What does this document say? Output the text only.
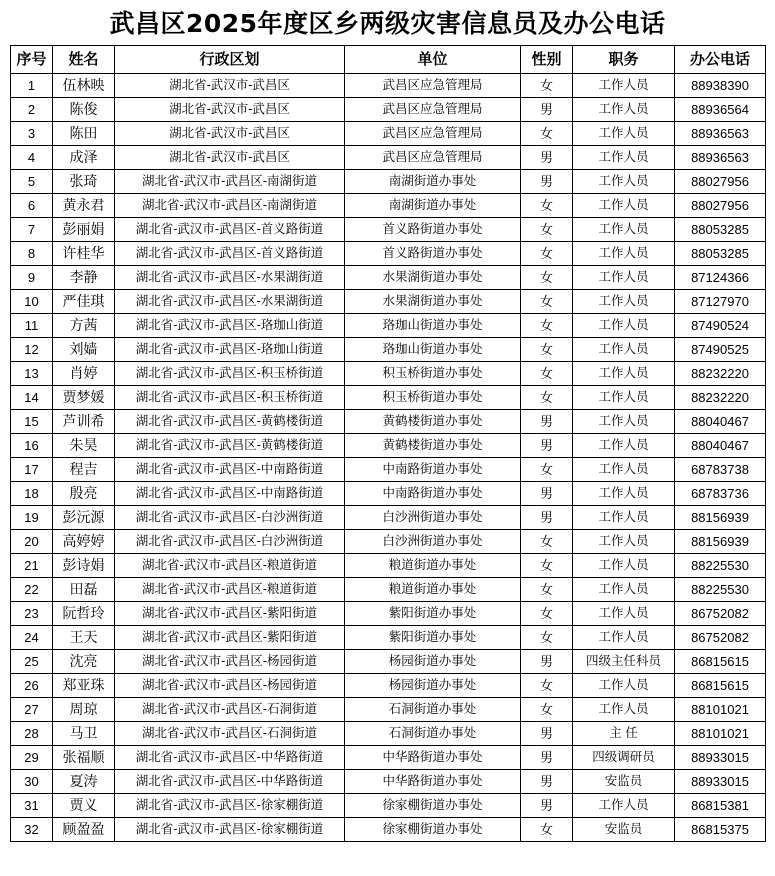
武昌区2025年度区乡两级灾害信息员及办公电话
序号	姓名	行政区划	单位	性别	职务	办公电话
1	伍林映	湖北省-武汉市-武昌区	武昌区应急管理局	女	工作人员	88938390
2	陈俊	湖北省-武汉市-武昌区	武昌区应急管理局	男	工作人员	88936564
3	陈田	湖北省-武汉市-武昌区	武昌区应急管理局	女	工作人员	88936563
4	成泽	湖北省-武汉市-武昌区	武昌区应急管理局	男	工作人员	88936563
5	张琦	湖北省-武汉市-武昌区-南湖街道	南湖街道办事处	男	工作人员	88027956
6	黄永君	湖北省-武汉市-武昌区-南湖街道	南湖街道办事处	女	工作人员	88027956
7	彭丽娟	湖北省-武汉市-武昌区-首义路街道	首义路街道办事处	女	工作人员	88053285
8	许桂华	湖北省-武汉市-武昌区-首义路街道	首义路街道办事处	女	工作人员	88053285
9	李静	湖北省-武汉市-武昌区-水果湖街道	水果湖街道办事处	女	工作人员	87124366
10	严佳琪	湖北省-武汉市-武昌区-水果湖街道	水果湖街道办事处	女	工作人员	87127970
11	方茜	湖北省-武汉市-武昌区-珞珈山街道	珞珈山街道办事处	女	工作人员	87490524
12	刘嫱	湖北省-武汉市-武昌区-珞珈山街道	珞珈山街道办事处	女	工作人员	87490525
13	肖婷	湖北省-武汉市-武昌区-积玉桥街道	积玉桥街道办事处	女	工作人员	88232220
14	贾梦媛	湖北省-武汉市-武昌区-积玉桥街道	积玉桥街道办事处	女	工作人员	88232220
15	芦训希	湖北省-武汉市-武昌区-黄鹤楼街道	黄鹤楼街道办事处	男	工作人员	88040467
16	朱昊	湖北省-武汉市-武昌区-黄鹤楼街道	黄鹤楼街道办事处	男	工作人员	88040467
17	程吉	湖北省-武汉市-武昌区-中南路街道	中南路街道办事处	女	工作人员	68783738
18	殷亮	湖北省-武汉市-武昌区-中南路街道	中南路街道办事处	男	工作人员	68783736
19	彭沅源	湖北省-武汉市-武昌区-白沙洲街道	白沙洲街道办事处	男	工作人员	88156939
20	高婷婷	湖北省-武汉市-武昌区-白沙洲街道	白沙洲街道办事处	女	工作人员	88156939
21	彭诗娟	湖北省-武汉市-武昌区-粮道街道	粮道街道办事处	女	工作人员	88225530
22	田磊	湖北省-武汉市-武昌区-粮道街道	粮道街道办事处	女	工作人员	88225530
23	阮哲玲	湖北省-武汉市-武昌区-紫阳街道	紫阳街道办事处	女	工作人员	86752082
24	王天	湖北省-武汉市-武昌区-紫阳街道	紫阳街道办事处	女	工作人员	86752082
25	沈亮	湖北省-武汉市-武昌区-杨园街道	杨园街道办事处	男	四级主任科员	86815615
26	郑亚珠	湖北省-武汉市-武昌区-杨园街道	杨园街道办事处	女	工作人员	86815615
27	周琼	湖北省-武汉市-武昌区-石洞街道	石洞街道办事处	女	工作人员	88101021
28	马卫	湖北省-武汉市-武昌区-石洞街道	石洞街道办事处	男	主 任	88101021
29	张福顺	湖北省-武汉市-武昌区-中华路街道	中华路街道办事处	男	四级调研员	88933015
30	夏涛	湖北省-武汉市-武昌区-中华路街道	中华路街道办事处	男	安监员	88933015
31	贾义	湖北省-武汉市-武昌区-徐家棚街道	徐家棚街道办事处	男	工作人员	86815381
32	顾盈盈	湖北省-武汉市-武昌区-徐家棚街道	徐家棚街道办事处	女	安监员	86815375
